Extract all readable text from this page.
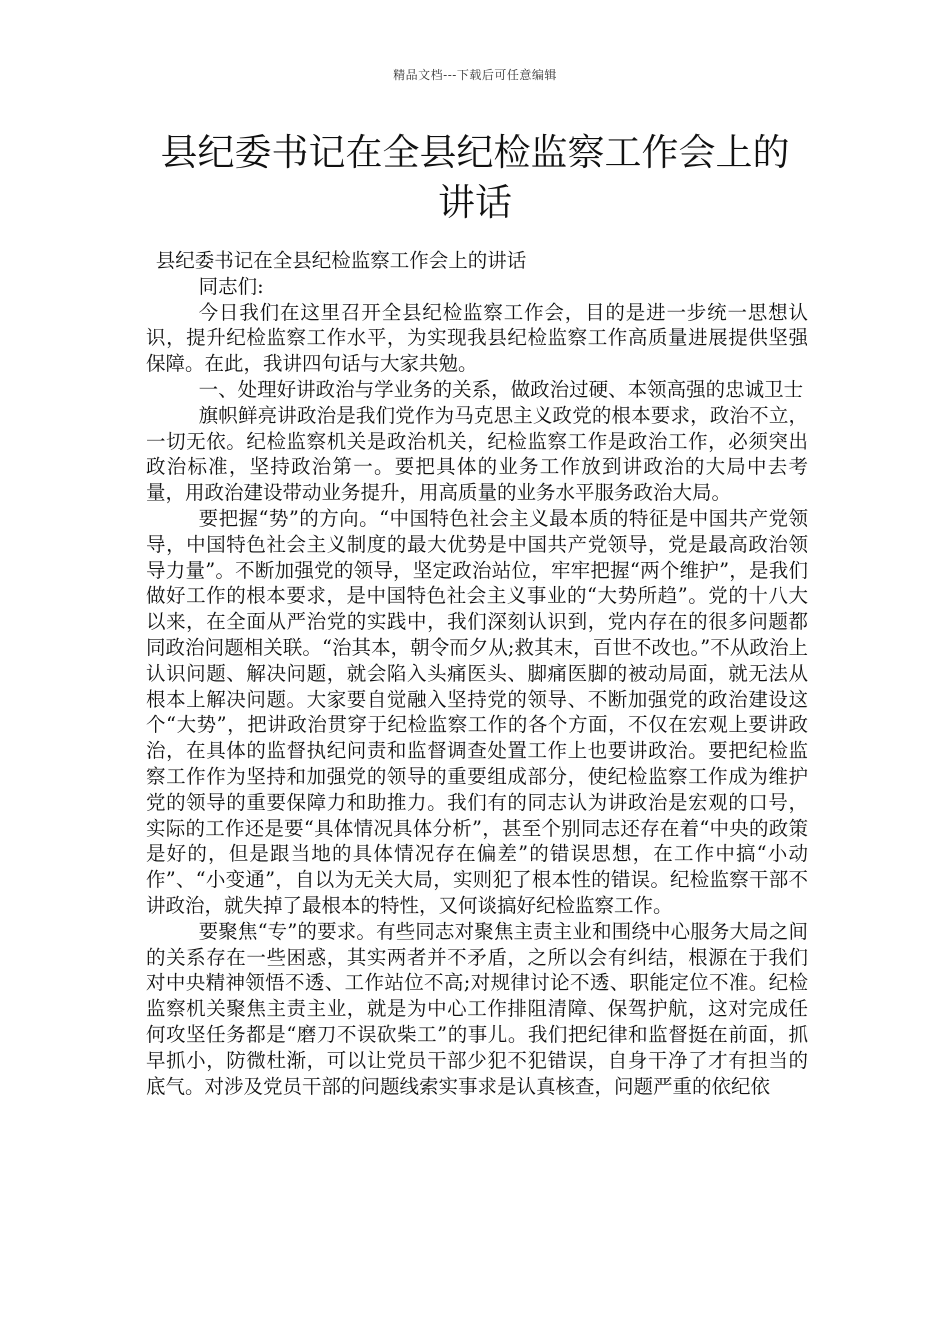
精品文档---下载后可任意编辑
县纪委书记在全县纪检监察工作会上的讲话

县纪委书记在全县纪检监察工作会上的讲话

同志们:

今日我们在这里召开全县纪检监察工作会，目的是进一步统一思想认识，提升纪检监察工作水平，为实现我县纪检监察工作高质量进展提供坚强保障。在此，我讲四句话与大家共勉。

一、处理好讲政治与学业务的关系，做政治过硬、本领高强的忠诚卫士

旗帜鲜亮讲政治是我们党作为马克思主义政党的根本要求，政治不立，一切无依。纪检监察机关是政治机关，纪检监察工作是政治工作，必须突出政治标准，坚持政治第一。要把具体的业务工作放到讲政治的大局中去考量，用政治建设带动业务提升，用高质量的业务水平服务政治大局。

要把握“势”的方向。“中国特色社会主义最本质的特征是中国共产党领导，中国特色社会主义制度的最大优势是中国共产党领导，党是最高政治领导力量”。不断加强党的领导，坚定政治站位，牢牢把握“两个维护”，是我们做好工作的根本要求，是中国特色社会主义事业的“大势所趋”。党的十八大以来，在全面从严治党的实践中，我们深刻认识到，党内存在的很多问题都同政治问题相关联。“治其本，朝令而夕从;救其末，百世不改也。”不从政治上认识问题、解决问题，就会陷入头痛医头、脚痛医脚的被动局面，就无法从根本上解决问题。大家要自觉融入坚持党的领导、不断加强党的政治建设这个“大势”，把讲政治贯穿于纪检监察工作的各个方面，不仅在宏观上要讲政治，在具体的监督执纪问责和监督调查处置工作上也要讲政治。要把纪检监察工作作为坚持和加强党的领导的重要组成部分，使纪检监察工作成为维护党的领导的重要保障力和助推力。我们有的同志认为讲政治是宏观的口号，实际的工作还是要“具体情况具体分析”，甚至个别同志还存在着“中央的政策是好的，但是跟当地的具体情况存在偏差”的错误思想，在工作中搞“小动作”、“小变通”，自以为无关大局，实则犯了根本性的错误。纪检监察干部不讲政治，就失掉了最根本的特性，又何谈搞好纪检监察工作。

要聚焦“专”的要求。有些同志对聚焦主责主业和围绕中心服务大局之间的关系存在一些困惑，其实两者并不矛盾，之所以会有纠结，根源在于我们对中央精神领悟不透、工作站位不高;对规律讨论不透、职能定位不准。纪检监察机关聚焦主责主业，就是为中心工作排阻清障、保驾护航，这对完成任何攻坚任务都是“磨刀不误砍柴工”的事儿。我们把纪律和监督挺在前面，抓早抓小，防微杜渐，可以让党员干部少犯不犯错误，自身干净了才有担当的底气。对涉及党员干部的问题线索实事求是认真核查，问题严重的依纪依
